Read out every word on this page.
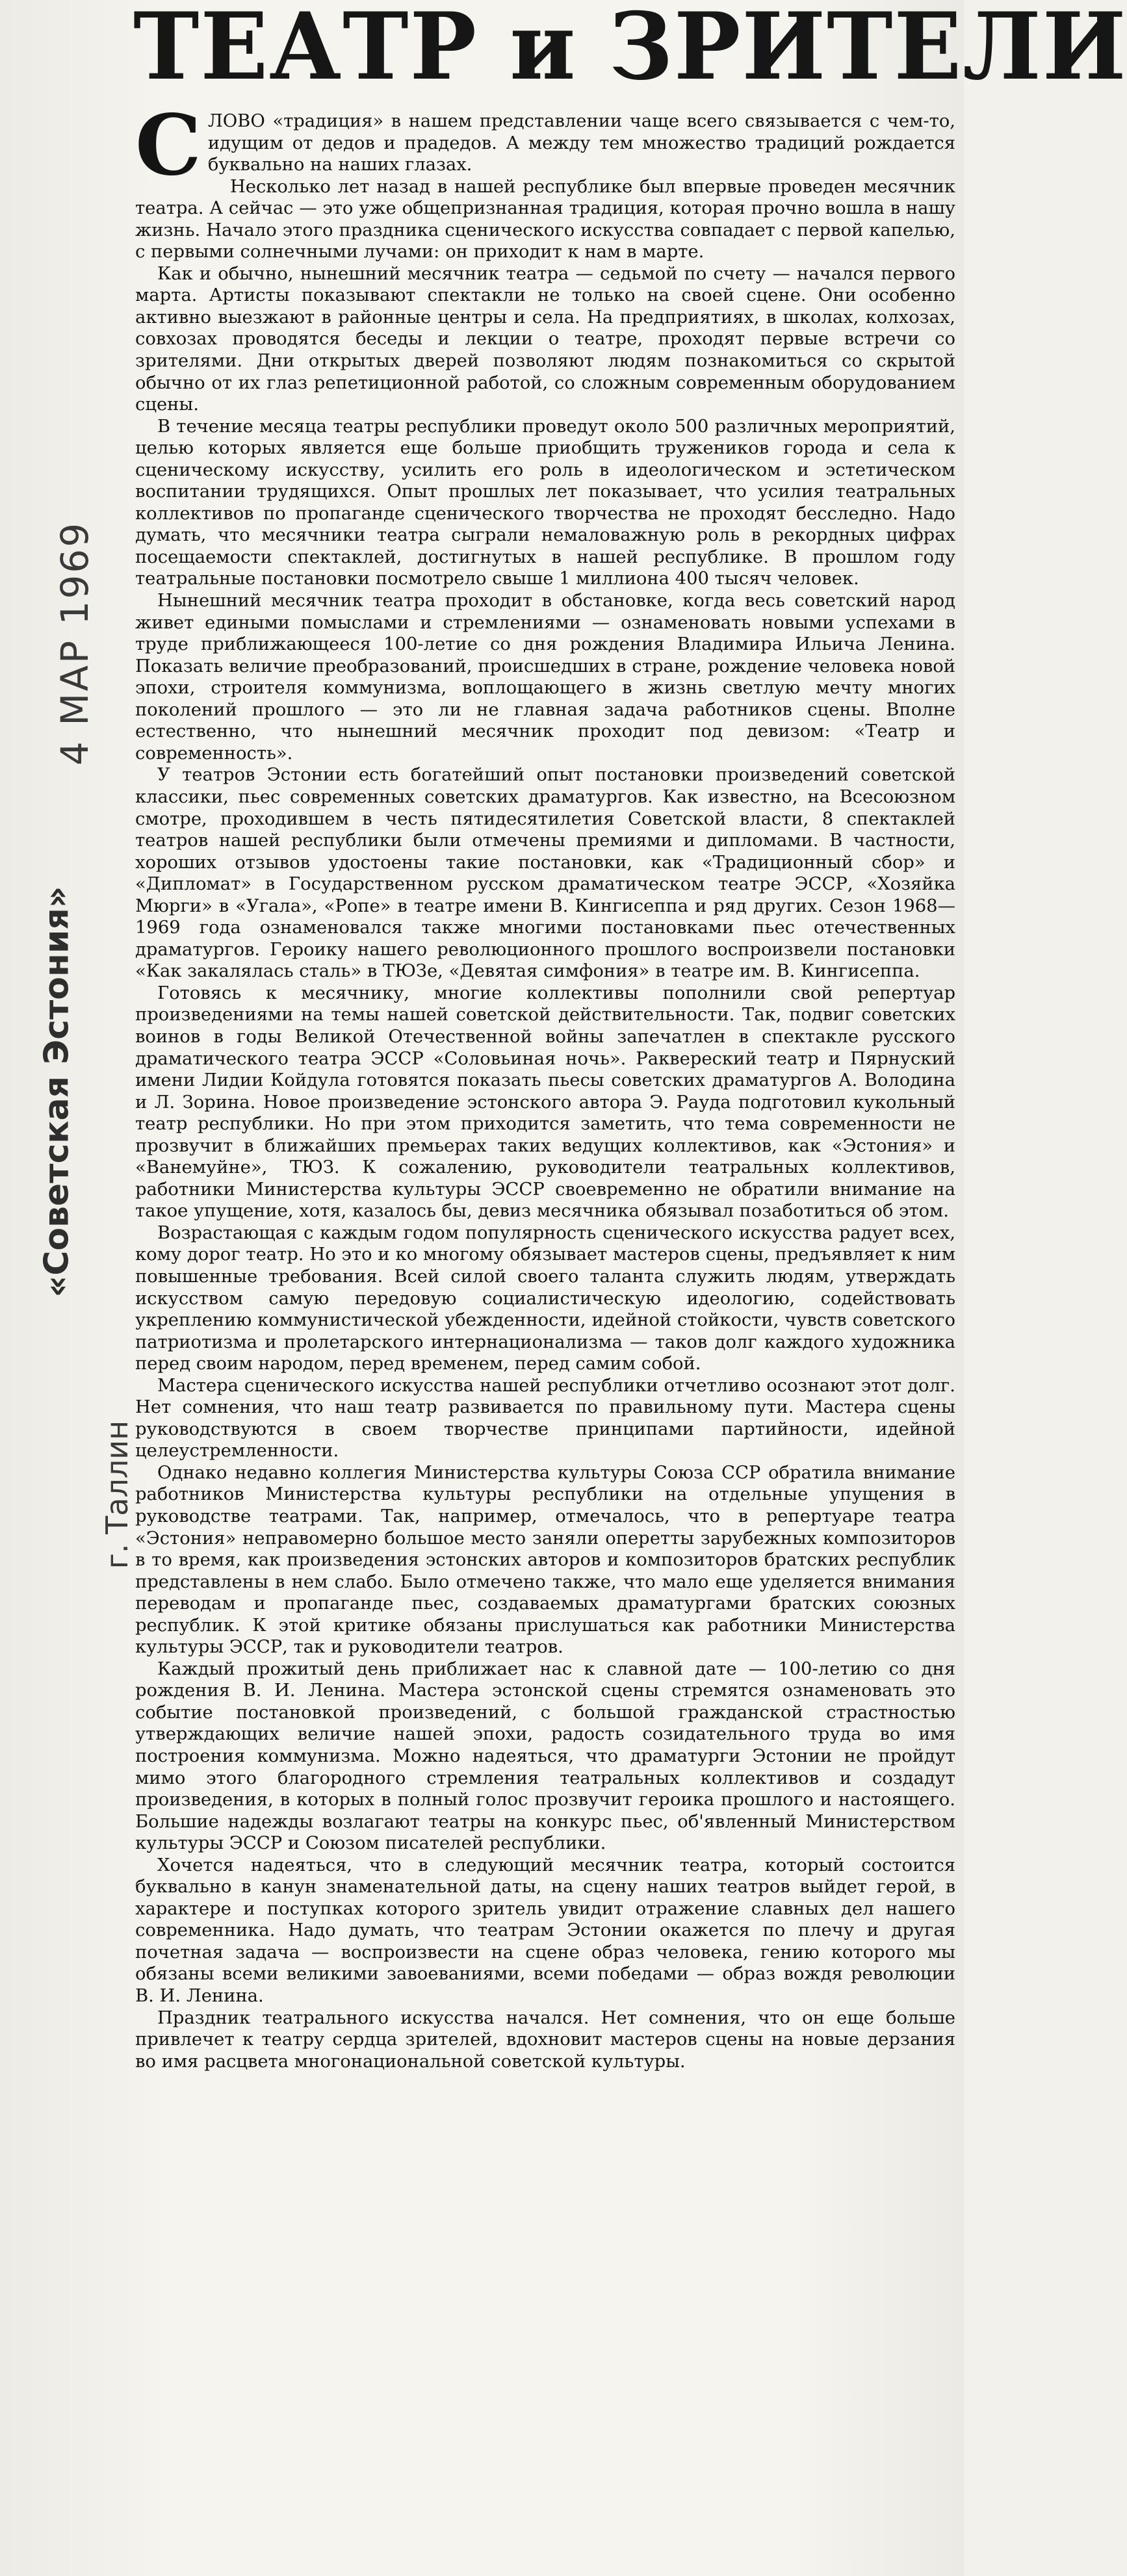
ТЕАТР и ЗРИТЕЛИ
4 МАР 1969
«Советская Эстония»
г. Таллин

СЛОВО «традиция» в нашем представлении чаще всего связывается с чем-то, идущим от дедов и прадедов. А между тем множество традиций рождается буквально на наших глазах.

Несколько лет назад в нашей республике был впервые проведен месячник театра. А сейчас — это уже общепризнанная традиция, которая прочно вошла в нашу жизнь. Начало этого праздника сценического искусства совпадает с первой капелью, с первыми солнечными лучами: он приходит к нам в марте.

Как и обычно, нынешний месячник театра — седьмой по счету — начался первого марта. Артисты показывают спектакли не только на своей сцене. Они особенно активно выезжают в районные центры и села. На предприятиях, в школах, колхозах, совхозах проводятся беседы и лекции о театре, проходят первые встречи со зрителями. Дни открытых дверей позволяют людям познакомиться со скрытой обычно от их глаз репетиционной работой, со сложным современным оборудованием сцены.

В течение месяца театры республики проведут около 500 различных мероприятий, целью которых является еще больше приобщить тружеников города и села к сценическому искусству, усилить его роль в идеологическом и эстетическом воспитании трудящихся. Опыт прошлых лет показывает, что усилия театральных коллективов по пропаганде сценического творчества не проходят бесследно. Надо думать, что месячники театра сыграли немаловажную роль в рекордных цифрах посещаемости спектаклей, достигнутых в нашей республике. В прошлом году театральные постановки посмотрело свыше 1 миллиона 400 тысяч человек.

Нынешний месячник театра проходит в обстановке, когда весь советский народ живет едиными помыслами и стремлениями — ознаменовать новыми успехами в труде приближающееся 100-летие со дня рождения Владимира Ильича Ленина. Показать величие преобразований, происшедших в стране, рождение человека новой эпохи, строителя коммунизма, воплощающего в жизнь светлую мечту многих поколений прошлого — это ли не главная задача работников сцены. Вполне естественно, что нынешний месячник проходит под девизом: «Театр и современность».

У театров Эстонии есть богатейший опыт постановки произведений советской классики, пьес современных советских драматургов. Как известно, на Всесоюзном смотре, проходившем в честь пятидесятилетия Советской власти, 8 спектаклей театров нашей республики были отмечены премиями и дипломами. В частности, хороших отзывов удостоены такие постановки, как «Традиционный сбор» и «Дипломат» в Государственном русском драматическом театре ЭССР, «Хозяйка Мюрги» в «Угала», «Ропе» в театре имени В. Кингисеппа и ряд других. Сезон 1968—1969 года ознаменовался также многими постановками пьес отечественных драматургов. Героику нашего революционного прошлого воспроизвели постановки «Как закалялась сталь» в ТЮЗе, «Девятая симфония» в театре им. В. Кингисеппа.

Готовясь к месячнику, многие коллективы пополнили свой репертуар произведениями на темы нашей советской действительности. Так, подвиг советских воинов в годы Великой Отечественной войны запечатлен в спектакле русского драматического театра ЭССР «Соловьиная ночь». Раквереский театр и Пярнуский имени Лидии Койдула готовятся показать пьесы советских драматургов А. Володина и Л. Зорина. Новое произведение эстонского автора Э. Рауда подготовил кукольный театр республики. Но при этом приходится заметить, что тема современности не прозвучит в ближайших премьерах таких ведущих коллективов, как «Эстония» и «Ванемуйне», ТЮЗ. К сожалению, руководители театральных коллективов, работники Министерства культуры ЭССР своевременно не обратили внимание на такое упущение, хотя, казалось бы, девиз месячника обязывал позаботиться об этом.

Возрастающая с каждым годом популярность сценического искусства радует всех, кому дорог театр. Но это и ко многому обязывает мастеров сцены, предъявляет к ним повышенные требования. Всей силой своего таланта служить людям, утверждать искусством самую передовую социалистическую идеологию, содействовать укреплению коммунистической убежденности, идейной стойкости, чувств советского патриотизма и пролетарского интернационализма — таков долг каждого художника перед своим народом, перед временем, перед самим собой.

Мастера сценического искусства нашей республики отчетливо осознают этот долг. Нет сомнения, что наш театр развивается по правильному пути. Мастера сцены руководствуются в своем творчестве принципами партийности, идейной целеустремленности.

Однако недавно коллегия Министерства культуры Союза ССР обратила внимание работников Министерства культуры республики на отдельные упущения в руководстве театрами. Так, например, отмечалось, что в репертуаре театра «Эстония» неправомерно большое место заняли оперетты зарубежных композиторов в то время, как произведения эстонских авторов и композиторов братских республик представлены в нем слабо. Было отмечено также, что мало еще уделяется внимания переводам и пропаганде пьес, создаваемых драматургами братских союзных республик. К этой критике обязаны прислушаться как работники Министерства культуры ЭССР, так и руководители театров.

Каждый прожитый день приближает нас к славной дате — 100-летию со дня рождения В. И. Ленина. Мастера эстонской сцены стремятся ознаменовать это событие постановкой произведений, с большой гражданской страстностью утверждающих величие нашей эпохи, радость созидательного труда во имя построения коммунизма. Можно надеяться, что драматурги Эстонии не пройдут мимо этого благородного стремления театральных коллективов и создадут произведения, в которых в полный голос прозвучит героика прошлого и настоящего. Большие надежды возлагают театры на конкурс пьес, об'явленный Министерством культуры ЭССР и Союзом писателей республики.

Хочется надеяться, что в следующий месячник театра, который состоится буквально в канун знаменательной даты, на сцену наших театров выйдет герой, в характере и поступках которого зритель увидит отражение славных дел нашего современника. Надо думать, что театрам Эстонии окажется по плечу и другая почетная задача — воспроизвести на сцене образ человека, гению которого мы обязаны всеми великими завоеваниями, всеми победами — образ вождя революции В. И. Ленина.

Праздник театрального искусства начался. Нет сомнения, что он еще больше привлечет к театру сердца зрителей, вдохновит мастеров сцены на новые дерзания во имя расцвета многонациональной советской культуры.
